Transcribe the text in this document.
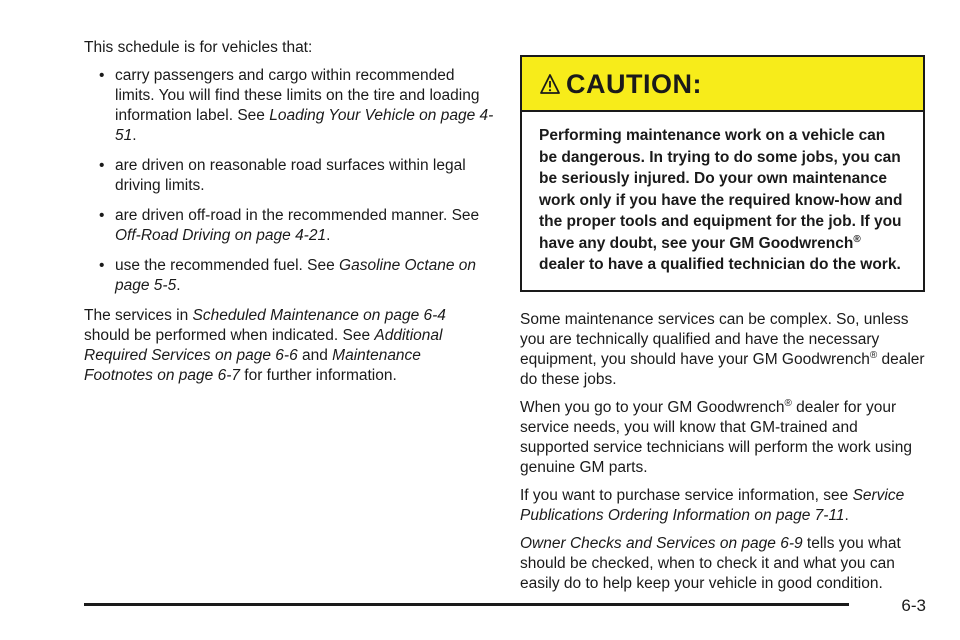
This schedule is for vehicles that:

• carry passengers and cargo within recommended limits. You will find these limits on the tire and loading information label. See Loading Your Vehicle on page 4-51.
• are driven on reasonable road surfaces within legal driving limits.
• are driven off-road in the recommended manner. See Off-Road Driving on page 4-21.
• use the recommended fuel. See Gasoline Octane on page 5-5.

The services in Scheduled Maintenance on page 6-4 should be performed when indicated. See Additional Required Services on page 6-6 and Maintenance Footnotes on page 6-7 for further information.

CAUTION:
Performing maintenance work on a vehicle can be dangerous. In trying to do some jobs, you can be seriously injured. Do your own maintenance work only if you have the required know-how and the proper tools and equipment for the job. If you have any doubt, see your GM Goodwrench® dealer to have a qualified technician do the work.

Some maintenance services can be complex. So, unless you are technically qualified and have the necessary equipment, you should have your GM Goodwrench® dealer do these jobs.

When you go to your GM Goodwrench® dealer for your service needs, you will know that GM-trained and supported service technicians will perform the work using genuine GM parts.

If you want to purchase service information, see Service Publications Ordering Information on page 7-11.

Owner Checks and Services on page 6-9 tells you what should be checked, when to check it and what you can easily do to help keep your vehicle in good condition.

6-3
